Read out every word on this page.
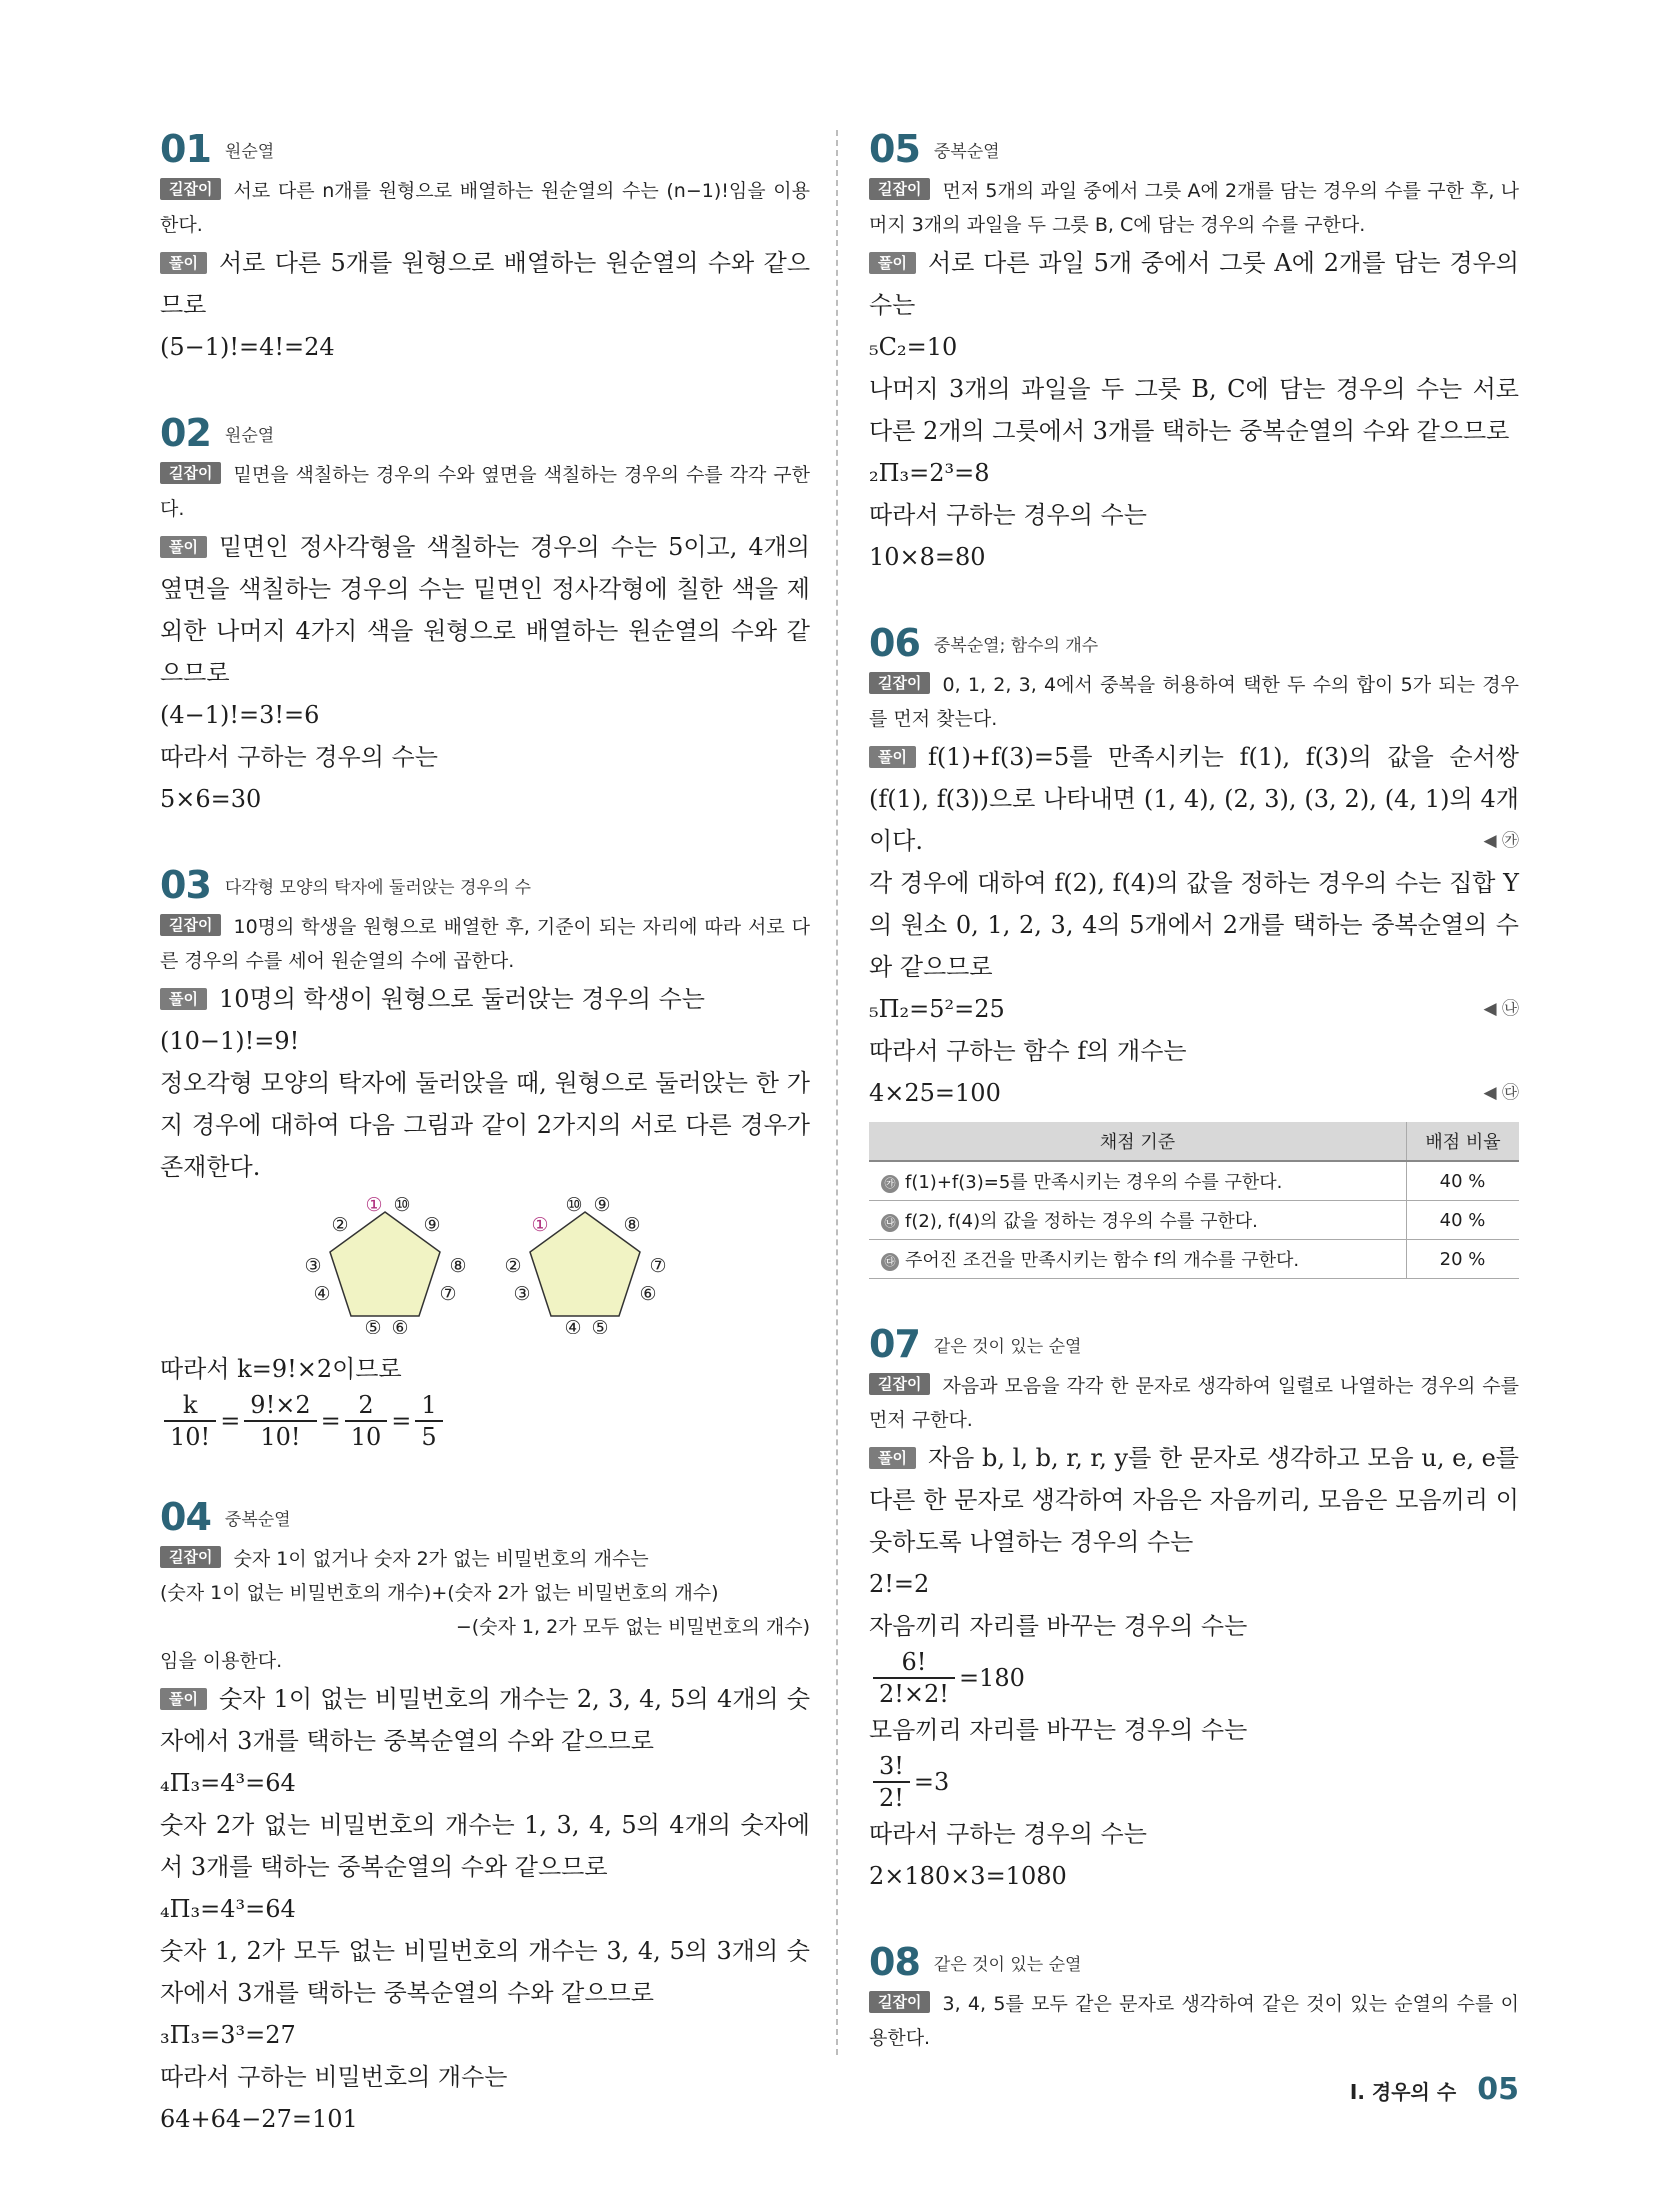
01 원순열
길잡이 서로 다른 n개를 원형으로 배열하는 원순열의 수는 (n−1)!임을 이용한다.
풀이 서로 다른 5개를 원형으로 배열하는 원순열의 수와 같으므로
(5−1)!=4!=24
02 원순열
길잡이 밑면을 색칠하는 경우의 수와 옆면을 색칠하는 경우의 수를 각각 구한다.
풀이 밑면인 정사각형을 색칠하는 경우의 수는 5이고, 4개의 옆면을 색칠하는 경우의 수는 밑면인 정사각형에 칠한 색을 제외한 나머지 4가지 색을 원형으로 배열하는 원순열의 수와 같으므로
(4−1)!=3!=6
따라서 구하는 경우의 수는
5×6=30
03 다각형 모양의 탁자에 둘러앉는 경우의 수
길잡이 10명의 학생을 원형으로 배열한 후, 기준이 되는 자리에 따라 서로 다른 경우의 수를 세어 원순열의 수에 곱한다.
풀이 10명의 학생이 원형으로 둘러앉는 경우의 수는
(10−1)!=9!
정오각형 모양의 탁자에 둘러앉을 때, 원형으로 둘러앉는 한 가지 경우에 대하여 다음 그림과 같이 2가지의 서로 다른 경우가 존재한다.
① ⑩
⑨
⑧
⑦
⑥
⑤
④
③
②
⑩ ⑨
⑧
⑦
⑥
⑤
④
③
②
①
따라서 k=9!×2이므로
$\frac{k}{10!} = \frac{9!\times 2}{10!} = \frac{2}{10} = \frac{1}{5}$
04 중복순열
길잡이 숫자 1이 없거나 숫자 2가 없는 비밀번호의 개수는
(숫자 1이 없는 비밀번호의 개수)+(숫자 2가 없는 비밀번호의 개수)
−(숫자 1, 2가 모두 없는 비밀번호의 개수)
임을 이용한다.
풀이 숫자 1이 없는 비밀번호의 개수는 2, 3, 4, 5의 4개의 숫자에서 3개를 택하는 중복순열의 수와 같으므로
₄Π₃=4³=64
숫자 2가 없는 비밀번호의 개수는 1, 3, 4, 5의 4개의 숫자에서 3개를 택하는 중복순열의 수와 같으므로
₄Π₃=4³=64
숫자 1, 2가 모두 없는 비밀번호의 개수는 3, 4, 5의 3개의 숫자에서 3개를 택하는 중복순열의 수와 같으므로
₃Π₃=3³=27
따라서 구하는 비밀번호의 개수는
64+64−27=101
05 중복순열
길잡이 먼저 5개의 과일 중에서 그릇 A에 2개를 담는 경우의 수를 구한 후, 나머지 3개의 과일을 두 그릇 B, C에 담는 경우의 수를 구한다.
풀이 서로 다른 과일 5개 중에서 그릇 A에 2개를 담는 경우의 수는
₅C₂=10
나머지 3개의 과일을 두 그릇 B, C에 담는 경우의 수는 서로 다른 2개의 그릇에서 3개를 택하는 중복순열의 수와 같으므로
₂Π₃=2³=8
따라서 구하는 경우의 수는
10×8=80
06 중복순열; 함수의 개수
길잡이 0, 1, 2, 3, 4에서 중복을 허용하여 택한 두 수의 합이 5가 되는 경우를 먼저 찾는다.
풀이 f(1)+f(3)=5를 만족시키는 f(1), f(3)의 값을 순서쌍 (f(1), f(3))으로 나타내면 (1, 4), (2, 3), (3, 2), (4, 1)의 4개이다.	◀ ㉮
각 경우에 대하여 f(2), f(4)의 값을 정하는 경우의 수는 집합 Y의 원소 0, 1, 2, 3, 4의 5개에서 2개를 택하는 중복순열의 수와 같으므로
₅Π₂=5²=25	◀ ㉯
따라서 구하는 함수 f의 개수는
4×25=100	◀ ㉰
채점 기준	배점 비율
㉮ f(1)+f(3)=5를 만족시키는 경우의 수를 구한다.	40 %
㉯ f(2), f(4)의 값을 정하는 경우의 수를 구한다.	40 %
㉰ 주어진 조건을 만족시키는 함수 f의 개수를 구한다.	20 %
07 같은 것이 있는 순열
길잡이 자음과 모음을 각각 한 문자로 생각하여 일렬로 나열하는 경우의 수를 먼저 구한다.
풀이 자음 b, l, b, r, r, y를 한 문자로 생각하고 모음 u, e, e를 다른 한 문자로 생각하여 자음은 자음끼리, 모음은 모음끼리 이웃하도록 나열하는 경우의 수는
2!=2
자음끼리 자리를 바꾸는 경우의 수는
$\frac{6!}{2!\times 2!} =180$
모음끼리 자리를 바꾸는 경우의 수는
$\frac{3!}{2!} =3$
따라서 구하는 경우의 수는
2×180×3=1080
08 같은 것이 있는 순열
길잡이 3, 4, 5를 모두 같은 문자로 생각하여 같은 것이 있는 순열의 수를 이용한다.
Ⅰ. 경우의 수 05
